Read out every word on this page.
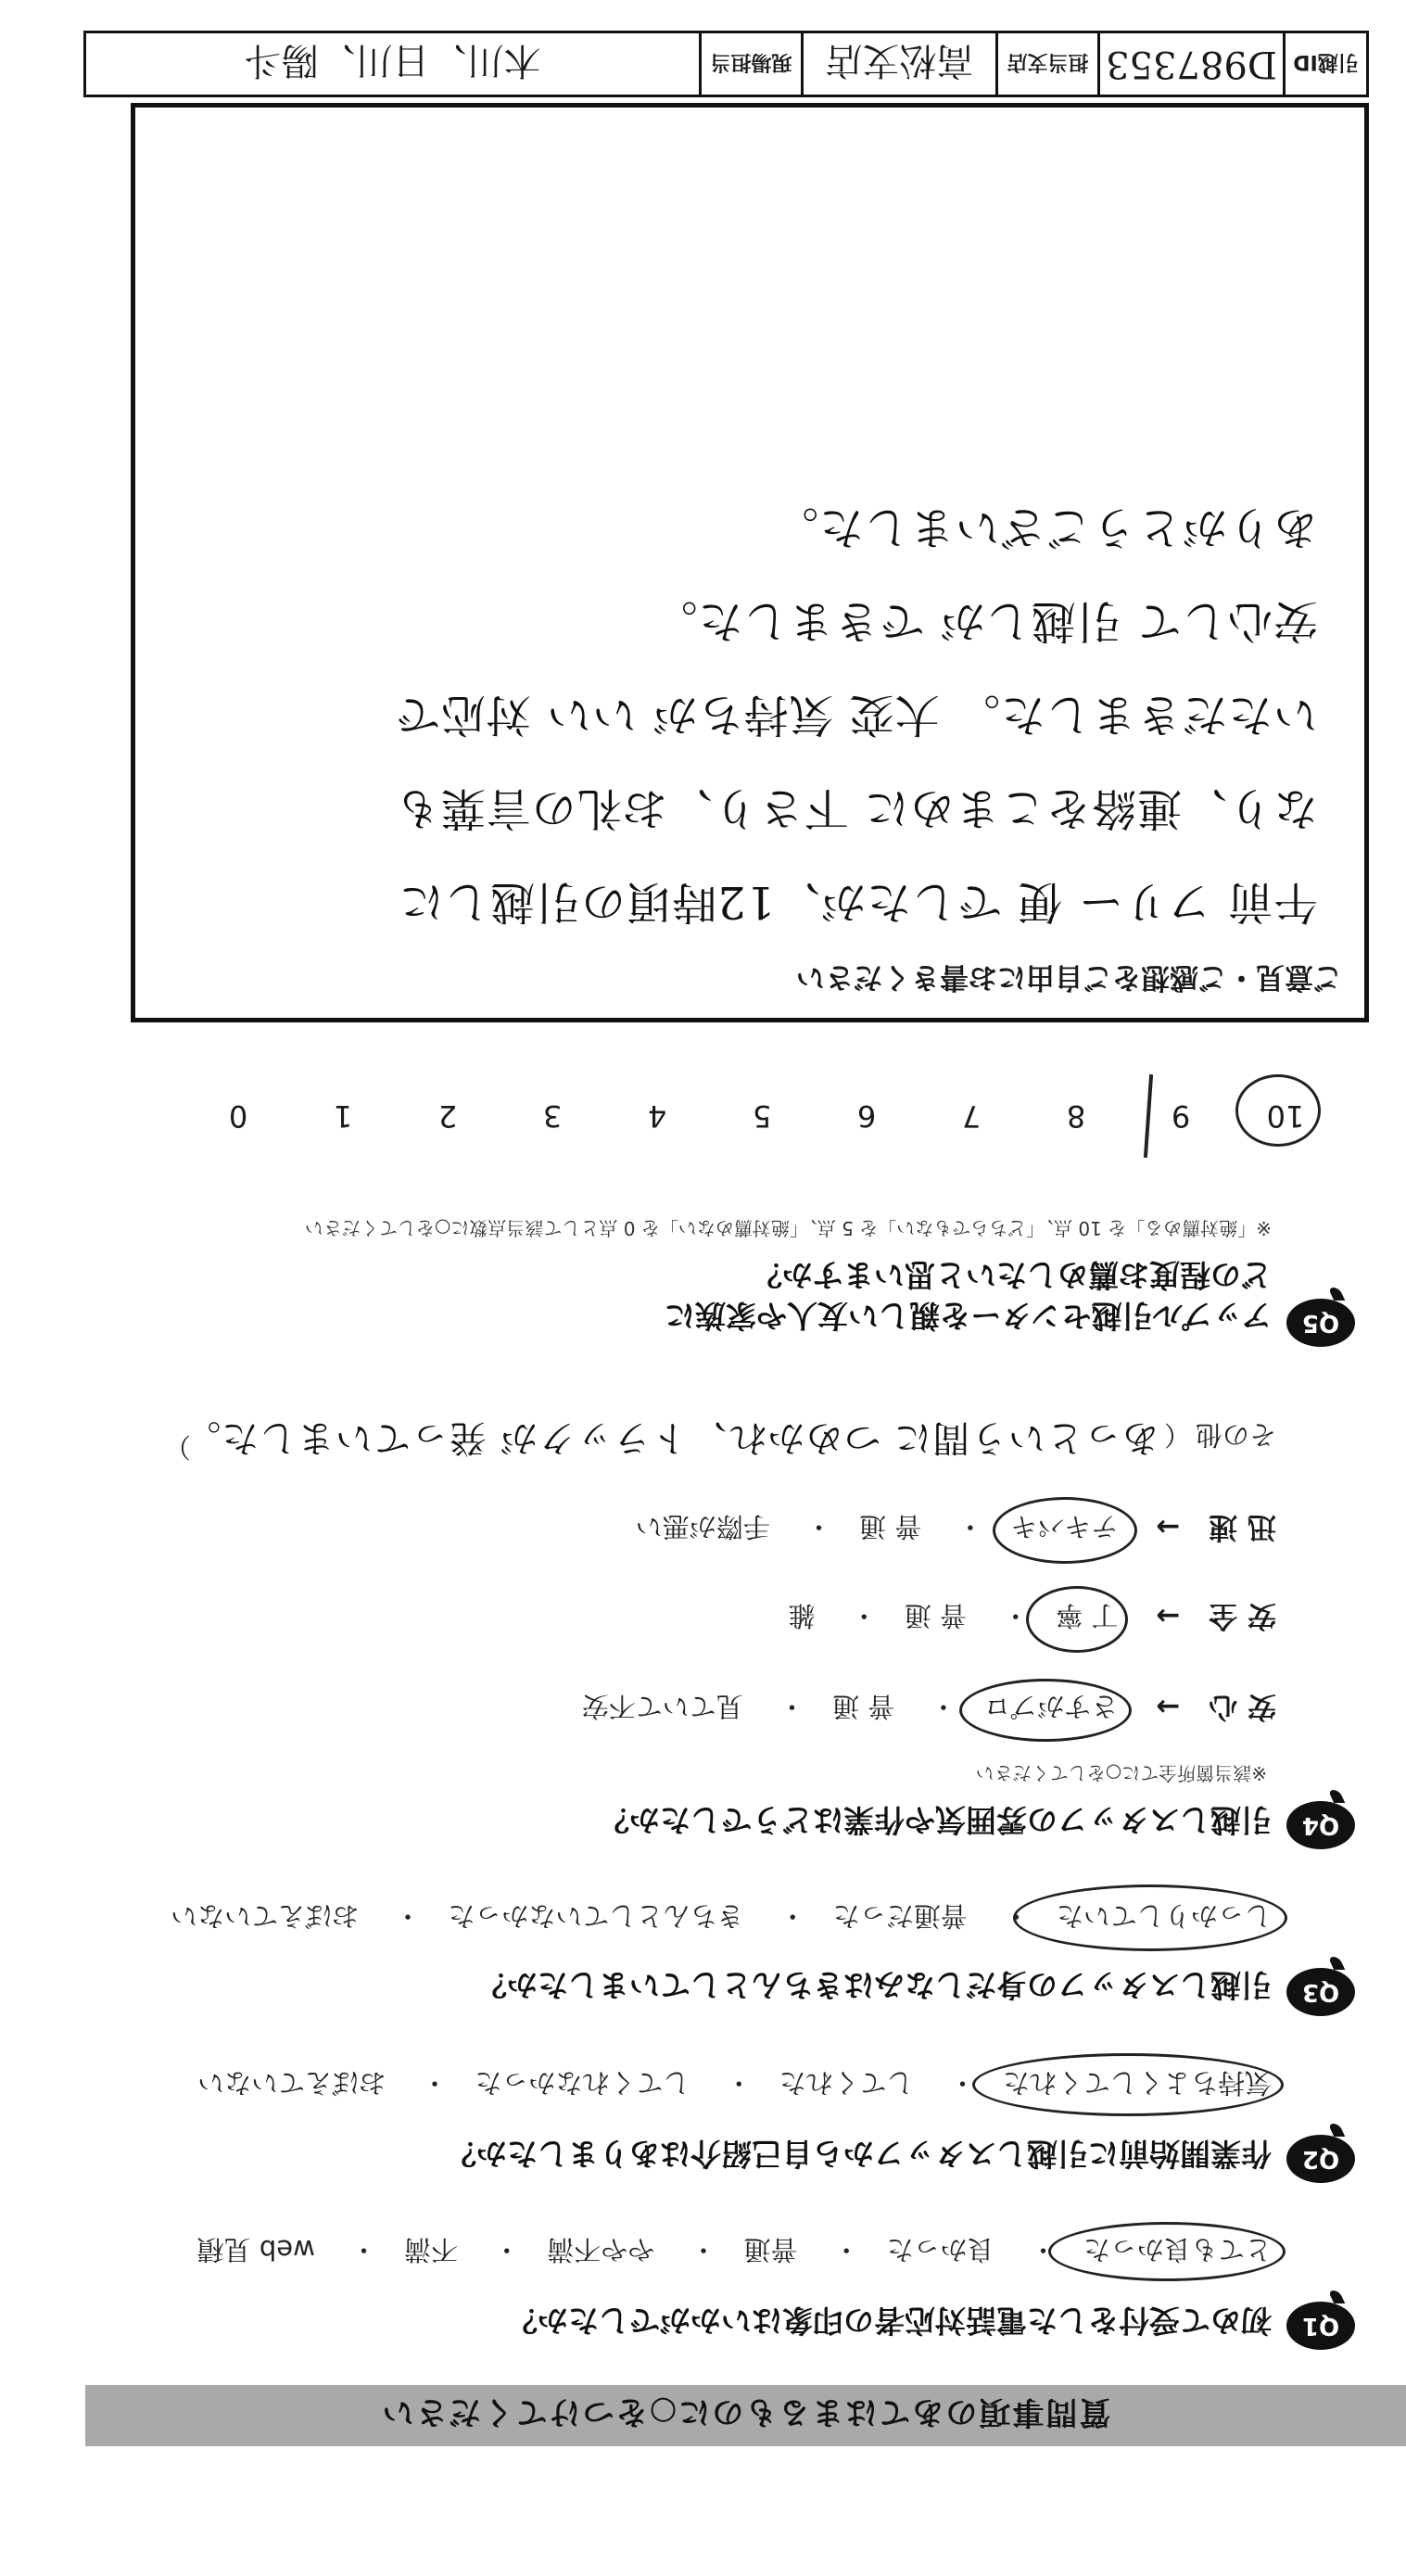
質問事項のあてはまるものに○をつけてください
Q1
初めて受付をした電話対応者の印象はいかがでしたか？
とても良かった　・　 良かった　・　 普通　・　 やや不満　・　 不満　・　 web 見積
Q2
作業開始前に引越しスタッフから自己紹介はありましたか？
気持ちよくしてくれた　・　 してくれた　・　 してくれなかった　・　 おぼえていない
Q3
引越しスタッフの身だしなみはきちんとしていましたか？
しっかりしていた　・　 普通だった　・　 きちんとしていなかった　・　 おぼえていない
Q4
引越しスタッフの雰囲気や作業はどうでしたか？
※該当箇所全てに○をしてください
安 心　→ さすがプロ　・　 普 通　・　 見ていて不安
安 全　→ 丁 寧　・　 普 通　・　 雑
迅 速　→ テキパキ　・　 普 通　・　 手際が悪い
その他 （ あっという間に つめかれ、トラックが 発っていました。
）
Q5
アップル引越センターを親しい友人や家族に
どの程度お薦めしたいと思いますか？
※「絶対薦める」を 10 点、「どちらでもない」を 5 点、「絶対薦めない」を 0 点として該当点数に○をしてください
10
9
8
7
6
5
4
3
2
1
0
ご意見・ご感想をご自由にお書きください
午前 フリー 便 でしたが、12時頃の引越しに
なり、連絡をこまめに 下さり、お礼の言葉も
いただきました。 大変 気持ちが いい 対応で
安心して 引越しが できました。
ありがとうございました。
引越ID
D987353
担当支店
高松支店
現場担当
木川、日川、陽斗
